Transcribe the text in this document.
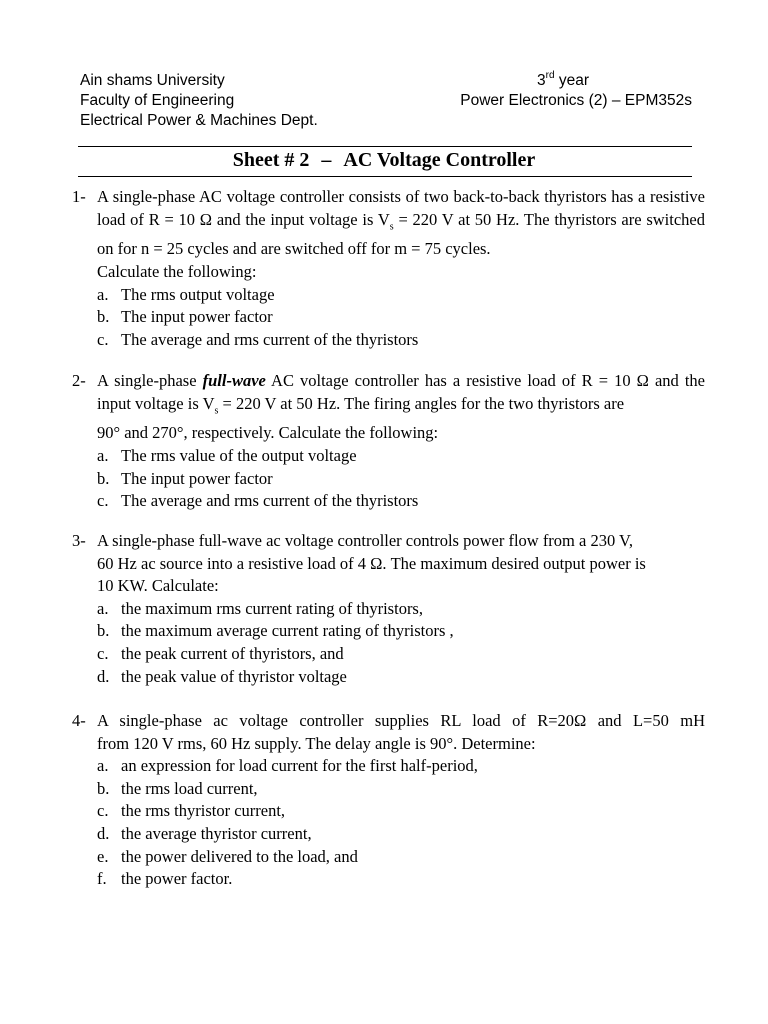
Ain shams University
Faculty of Engineering
Electrical Power & Machines Dept.
3rd year
Power Electronics (2) – EPM352s
Sheet # 2 – AC Voltage Controller
1- A single-phase AC voltage controller consists of two back-to-back thyristors has a resistive load of R = 10 Ω and the input voltage is $V_s = 220$ V at 50 Hz. The thyristors are switched on for n = 25 cycles and are switched off for m = 75 cycles.

Calculate the following:

a. The rms output voltage
b. The input power factor
c. The average and rms current of the thyristors
2- A single-phase full-wave AC voltage controller has a resistive load of R = 10 Ω and the input voltage is $V_s = 220$ V at 50 Hz. The firing angles for the two thyristors are

90° and 270°, respectively. Calculate the following:

a. The rms value of the output voltage
b. The input power factor
c. The average and rms current of the thyristors
3- A single-phase full-wave ac voltage controller controls power flow from a 230 V,

60 Hz ac source into a resistive load of 4 Ω. The maximum desired output power is

10 KW. Calculate:

a. the maximum rms current rating of thyristors,
b. the maximum average current rating of thyristors ,
c. the peak current of thyristors, and
d. the peak value of thyristor voltage
4- A single-phase ac voltage controller supplies RL load of R=20Ω and L=50 mH

from 120 V rms, 60 Hz supply. The delay angle is 90°. Determine:

a. an expression for load current for the first half-period,
b. the rms load current,
c. the rms thyristor current,
d. the average thyristor current,
e. the power delivered to the load, and
f. the power factor.
